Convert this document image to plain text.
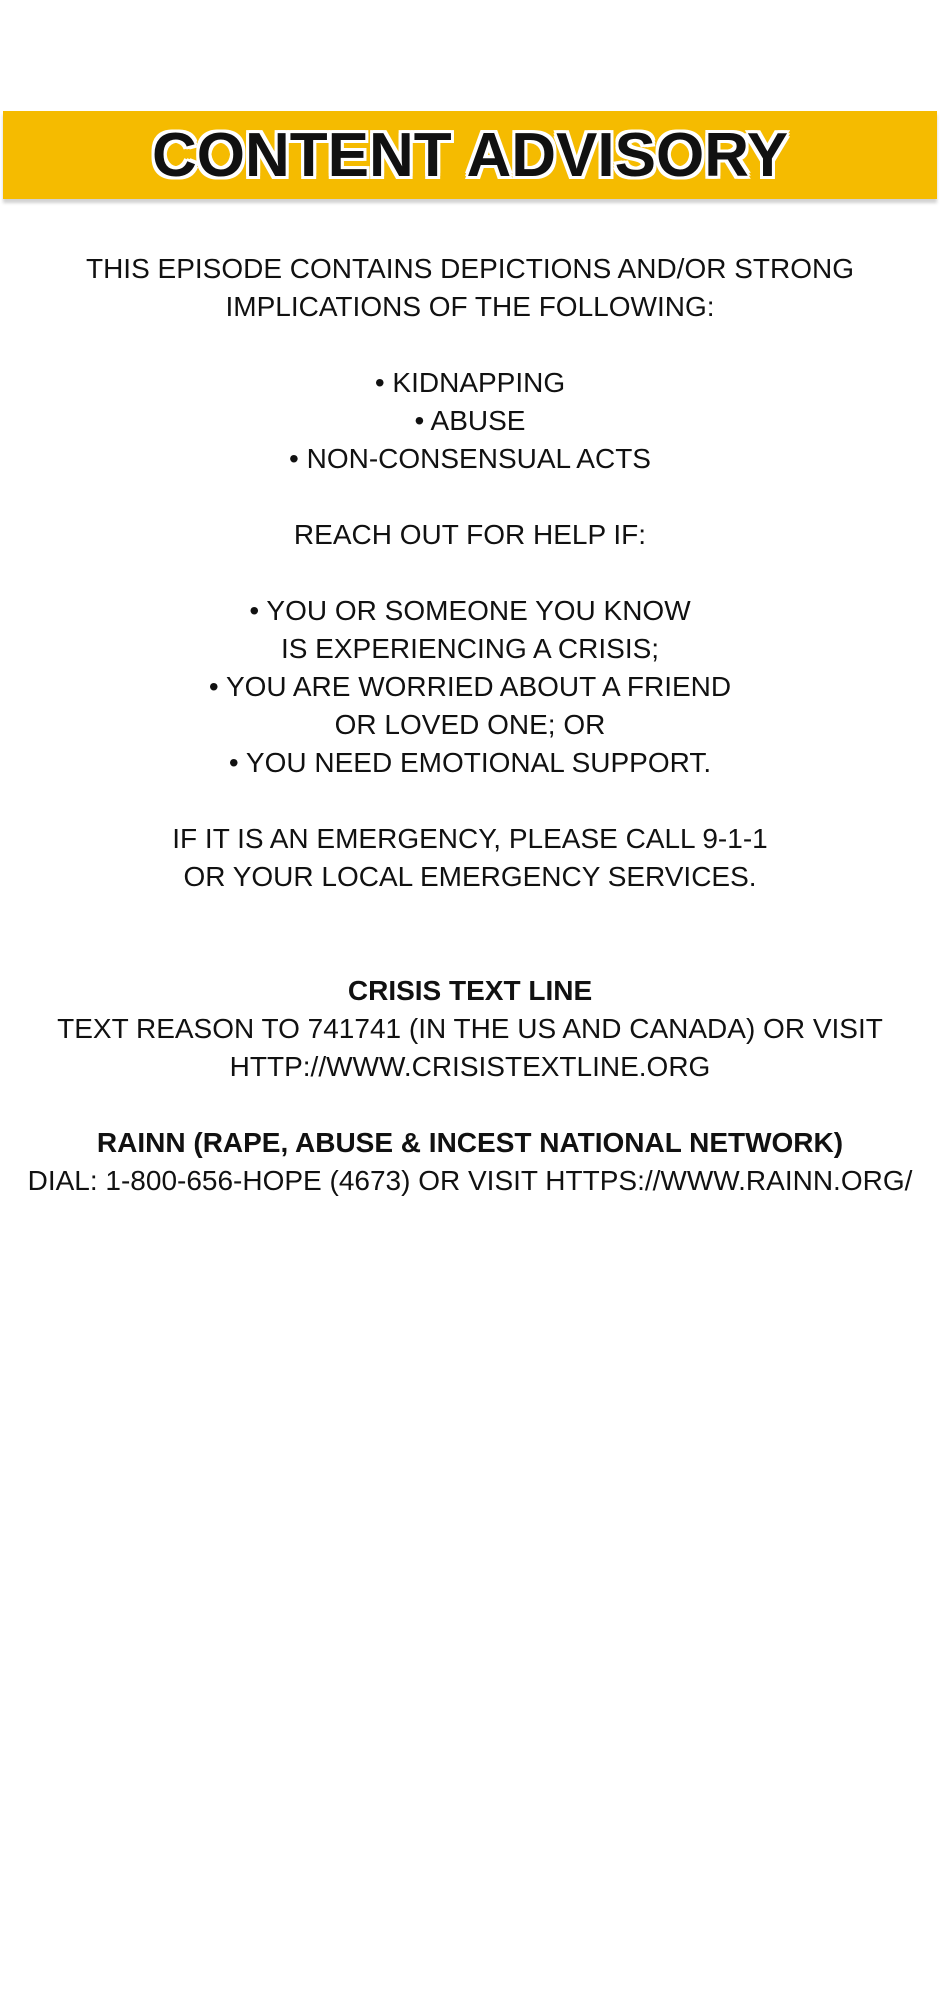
CONTENT ADVISORY
THIS EPISODE CONTAINS DEPICTIONS AND/OR STRONG
IMPLICATIONS OF THE FOLLOWING:
• KIDNAPPING
• ABUSE
• NON-CONSENSUAL ACTS
REACH OUT FOR HELP IF:
• YOU OR SOMEONE YOU KNOW
IS EXPERIENCING A CRISIS;
• YOU ARE WORRIED ABOUT A FRIEND
OR LOVED ONE; OR
• YOU NEED EMOTIONAL SUPPORT.
IF IT IS AN EMERGENCY, PLEASE CALL 9-1-1
OR YOUR LOCAL EMERGENCY SERVICES.
CRISIS TEXT LINE
TEXT REASON TO 741741 (IN THE US AND CANADA) OR VISIT
HTTP://WWW.CRISISTEXTLINE.ORG
RAINN (RAPE, ABUSE & INCEST NATIONAL NETWORK)
DIAL: 1-800-656-HOPE (4673) OR VISIT HTTPS://WWW.RAINN.ORG/
